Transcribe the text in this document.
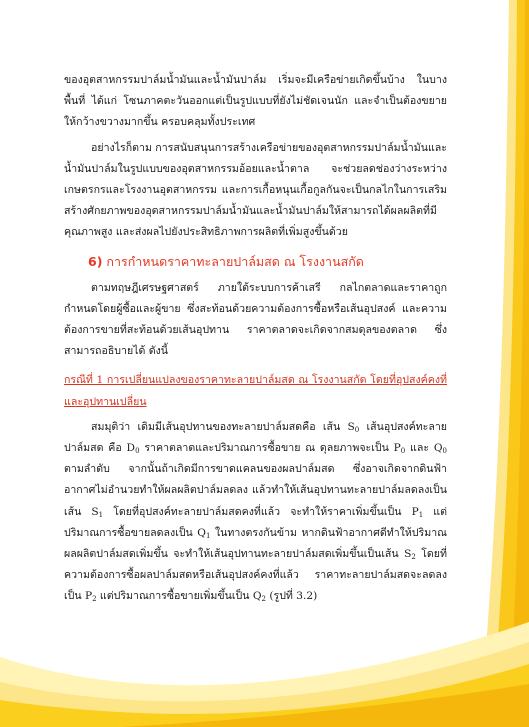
ของอุตสาหกรรมปาล์มน้ำมันและน้ำมันปาล์ม เริ่มจะมีเครือข่ายเกิดขึ้นบ้าง ในบางพื้นที่ ได้แก่ โซนภาคตะวันออกแต่เป็นรูปแบบที่ยังไม่ชัดเจนนัก และจำเป็นต้องขยายให้กว้างขวางมากขึ้น ครอบคลุมทั้งประเทศ

อย่างไรก็ตาม การสนับสนุนการสร้างเครือข่ายของอุตสาหกรรมปาล์มน้ำมันและน้ำมันปาล์มในรูปแบบของอุตสาหกรรมอ้อยและน้ำตาล จะช่วยลดช่องว่างระหว่างเกษตรกรและโรงงานอุตสาหกรรม และการเกื้อหนุนเกื้อกูลกันจะเป็นกลไกในการเสริมสร้างศักยภาพของอุตสาหกรรมปาล์มน้ำมันและน้ำมันปาล์มให้สามารถได้ผลผลิตที่มีคุณภาพสูง และส่งผลไปยังประสิทธิภาพการผลิตที่เพิ่มสูงขึ้นด้วย

6) การกำหนดราคาทะลายปาล์มสด ณ โรงงานสกัด

ตามทฤษฎีเศรษฐศาสตร์ ภายใต้ระบบการค้าเสรี กลไกตลาดและราคาถูกกำหนดโดยผู้ซื้อและผู้ขาย ซึ่งสะท้อนด้วยความต้องการซื้อหรือเส้นอุปสงค์ และความต้องการขายที่สะท้อนด้วยเส้นอุปทาน ราคาตลาดจะเกิดจากสมดุลของตลาด ซึ่งสามารถอธิบายได้ ดังนี้

กรณีที่ 1 การเปลี่ยนแปลงของราคาทะลายปาล์มสด ณ โรงงานสกัด โดยที่อุปสงค์คงที่และอุปทานเปลี่ยน

สมมุติว่า เดิมมีเส้นอุปทานของทะลายปาล์มสดคือ เส้น $S_0$ เส้นอุปสงค์ทะลายปาล์มสด คือ $D_0$ ราคาตลาดและปริมาณการซื้อขาย ณ ดุลยภาพจะเป็น $P_0$ และ $Q_0$ ตามลำดับ จากนั้นถ้าเกิดมีการขาดแคลนของผลปาล์มสด ซึ่งอาจเกิดจากดินฟ้าอากาศไม่อำนวยทำให้ผลผลิตปาล์มลดลง แล้วทำให้เส้นอุปทานทะลายปาล์มลดลงเป็นเส้น $S_1$ โดยที่อุปสงค์ทะลายปาล์มสดคงที่แล้ว จะทำให้ราคาเพิ่มขึ้นเป็น $P_1$ แต่ปริมาณการซื้อขายลดลงเป็น $Q_1$ ในทางตรงกันข้าม หากดินฟ้าอากาศดีทำให้ปริมาณผลผลิตปาล์มสดเพิ่มขึ้น จะทำให้เส้นอุปทานทะลายปาล์มสดเพิ่มขึ้นเป็นเส้น $S_2$ โดยที่ความต้องการซื้อผลปาล์มสดหรือเส้นอุปสงค์คงที่แล้ว ราคาทะลายปาล์มสดจะลดลงเป็น $P_2$ แต่ปริมาณการซื้อขายเพิ่มขึ้นเป็น $Q_2$ (รูปที่ 3.2)
